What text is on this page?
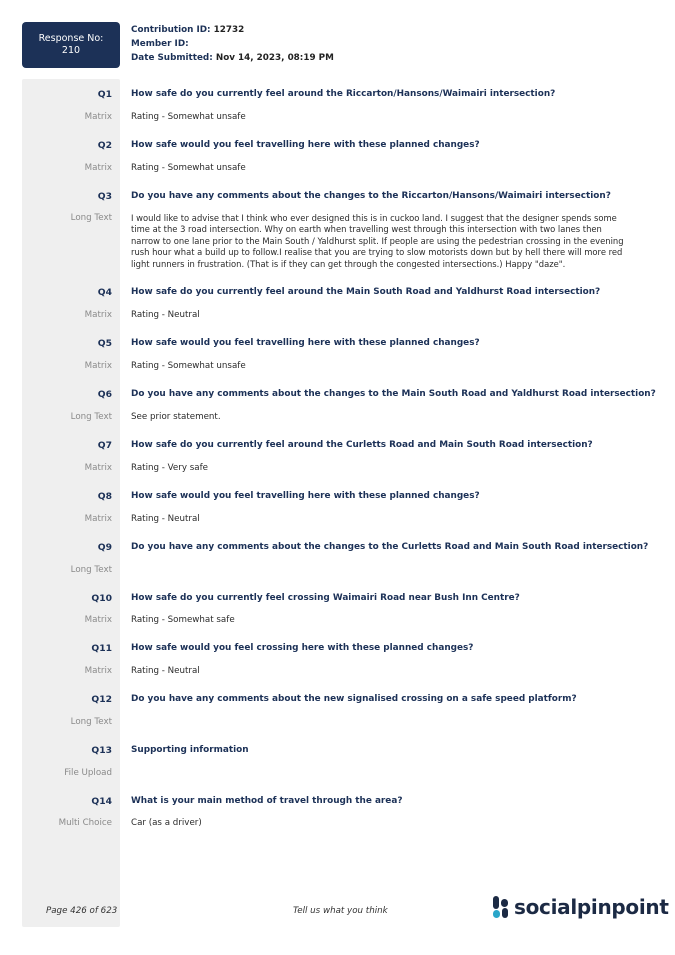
Response No:
210
Contribution ID: 12732
Member ID:
Date Submitted: Nov 14, 2023, 08:19 PM
Q1 How safe do you currently feel around the Riccarton/Hansons/Waimairi intersection?
Matrix Rating - Somewhat unsafe
Q2 How safe would you feel travelling here with these planned changes?
Matrix Rating - Somewhat unsafe
Q3 Do you have any comments about the changes to the Riccarton/Hansons/Waimairi intersection?
Long Text I would like to advise that I think who ever designed this is in cuckoo land. I suggest that the designer spends some time at the 3 road intersection. Why on earth when travelling west through this intersection with two lanes then narrow to one lane prior to the Main South / Yaldhurst split. If people are using the pedestrian crossing in the evening rush hour what a build up to follow.I realise that you are trying to slow motorists down but by hell there will more red light runners in frustration. (That is if they can get through the congested intersections.) Happy "daze".
Q4 How safe do you currently feel around the Main South Road and Yaldhurst Road intersection?
Matrix Rating - Neutral
Q5 How safe would you feel travelling here with these planned changes?
Matrix Rating - Somewhat unsafe
Q6 Do you have any comments about the changes to the Main South Road and Yaldhurst Road intersection?
Long Text See prior statement.
Q7 How safe do you currently feel around the Curletts Road and Main South Road intersection?
Matrix Rating - Very safe
Q8 How safe would you feel travelling here with these planned changes?
Matrix Rating - Neutral
Q9 Do you have any comments about the changes to the Curletts Road and Main South Road intersection?
Long Text
Q10 How safe do you currently feel crossing Waimairi Road near Bush Inn Centre?
Matrix Rating - Somewhat safe
Q11 How safe would you feel crossing here with these planned changes?
Matrix Rating - Neutral
Q12 Do you have any comments about the new signalised crossing on a safe speed platform?
Long Text
Q13 Supporting information
File Upload
Q14 What is your main method of travel through the area?
Multi Choice Car (as a driver)
Page 426 of 623	Tell us what you think	socialpinpoint
